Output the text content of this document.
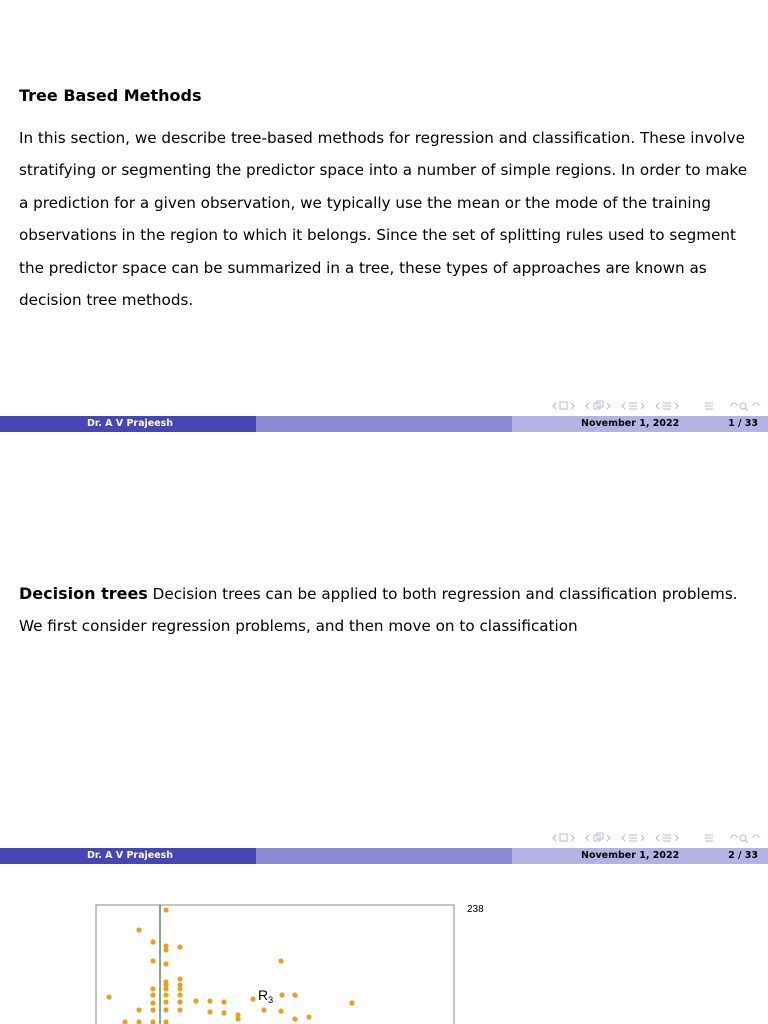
Tree Based Methods
In this section, we describe tree-based methods for regression and classification. These involve stratifying or segmenting the predictor space into a number of simple regions. In order to make a prediction for a given observation, we typically use the mean or the mode of the training observations in the region to which it belongs. Since the set of splitting rules used to segment the predictor space can be summarized in a tree, these types of approaches are known as decision tree methods.
Dr. A V Prajeesh	November 1, 2022	1 / 33
Decision trees Decision trees can be applied to both regression and classification problems. We first consider regression problems, and then move on to classification
Dr. A V Prajeesh	November 1, 2022	2 / 33
$R_3$
238
